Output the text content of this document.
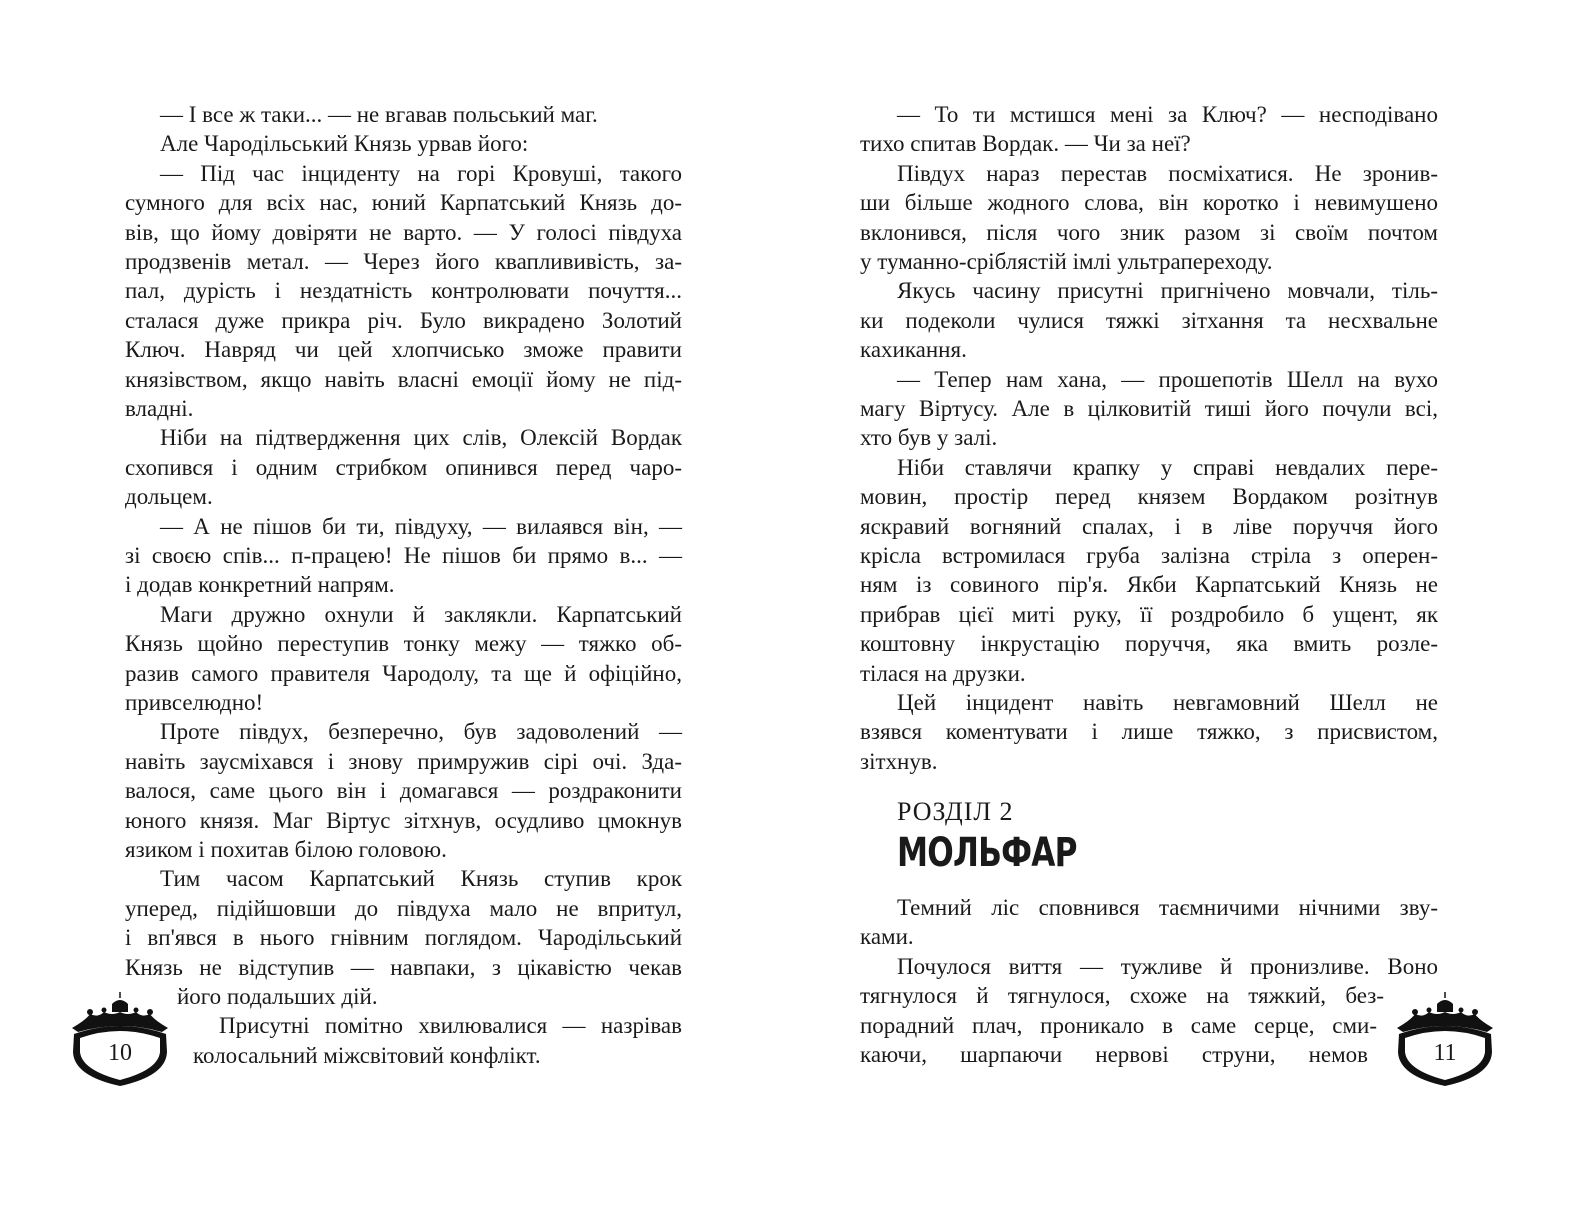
— І все ж таки... — не вгавав польський маг.

Але Чародільський Князь урвав його:

— Під час інциденту на горі Кровуші, такого

сумного для всіх нас, юний Карпатський Князь до-

вів, що йому довіряти не варто. — У голосі півдуха

продзвенів метал. — Через його кваплививість, за-

пал, дурість і нездатність контролювати почуття...

сталася дуже прикра річ. Було викрадено Золотий

Ключ. Навряд чи цей хлопчисько зможе правити

князівством, якщо навіть власні емоції йому не під-

владні.

Ніби на підтвердження цих слів, Олексій Вордак

схопився і одним стрибком опинився перед чаро-

дольцем.

— А не пішов би ти, півдуху, — вилаявся він, —

зі своєю спів... п-працею! Не пішов би прямо в... —

і додав конкретний напрям.

Маги дружно охнули й заклякли. Карпатський

Князь щойно переступив тонку межу — тяжко об-

разив самого правителя Чародолу, та ще й офіційно,

привселюдно!

Проте півдух, безперечно, був задоволений —

навіть заусміхався і знову примружив сірі очі. Зда-

валося, саме цього він і домагався — роздраконити

юного князя. Маг Віртус зітхнув, осудливо цмокнув

язиком і похитав білою головою.

Тим часом Карпатський Князь ступив крок

уперед, підійшовши до півдуха мало не впритул,

і вп'явся в нього гнівним поглядом. Чародільський

Князь не відступив — навпаки, з цікавістю чекав

його подальших дій.

Присутні помітно хвилювалися — назрівав

колосальний міжсвітовий конфлікт.

10

— То ти мстишся мені за Ключ? — несподівано

тихо спитав Вордак. — Чи за неї?

Півдух нараз перестав посміхатися. Не зронив-

ши більше жодного слова, він коротко і невимушено

вклонився, після чого зник разом зі своїм почтом

у туманно-сріблястій імлі ультрапереходу.

Якусь часину присутні пригнічено мовчали, тіль-

ки подеколи чулися тяжкі зітхання та несхвальне

кахикання.

— Тепер нам хана, — прошепотів Шелл на вухо

магу Віртусу. Але в цілковитій тиші його почули всі,

хто був у залі.

Ніби ставлячи крапку у справі невдалих пере-

мовин, простір перед князем Вордаком розітнув

яскравий вогняний спалах, і в ліве поруччя його

крісла встромилася груба залізна стріла з оперен-

ням із совиного пір'я. Якби Карпатський Князь не

прибрав цієї миті руку, її роздробило б ущент, як

коштовну інкрустацію поруччя, яка вмить розле-

тілася на друзки.

Цей інцидент навіть невгамовний Шелл не

взявся коментувати і лише тяжко, з присвистом,

зітхнув.

РОЗДІЛ 2
МОЛЬФАР

Темний ліс сповнився таємничими нічними зву-

ками.

Почулося виття — тужливе й пронизливе. Воно

тягнулося й тягнулося, схоже на тяжкий, без-

порадний плач, проникало в саме серце, сми-

каючи, шарпаючи нервові струни, немов	11
